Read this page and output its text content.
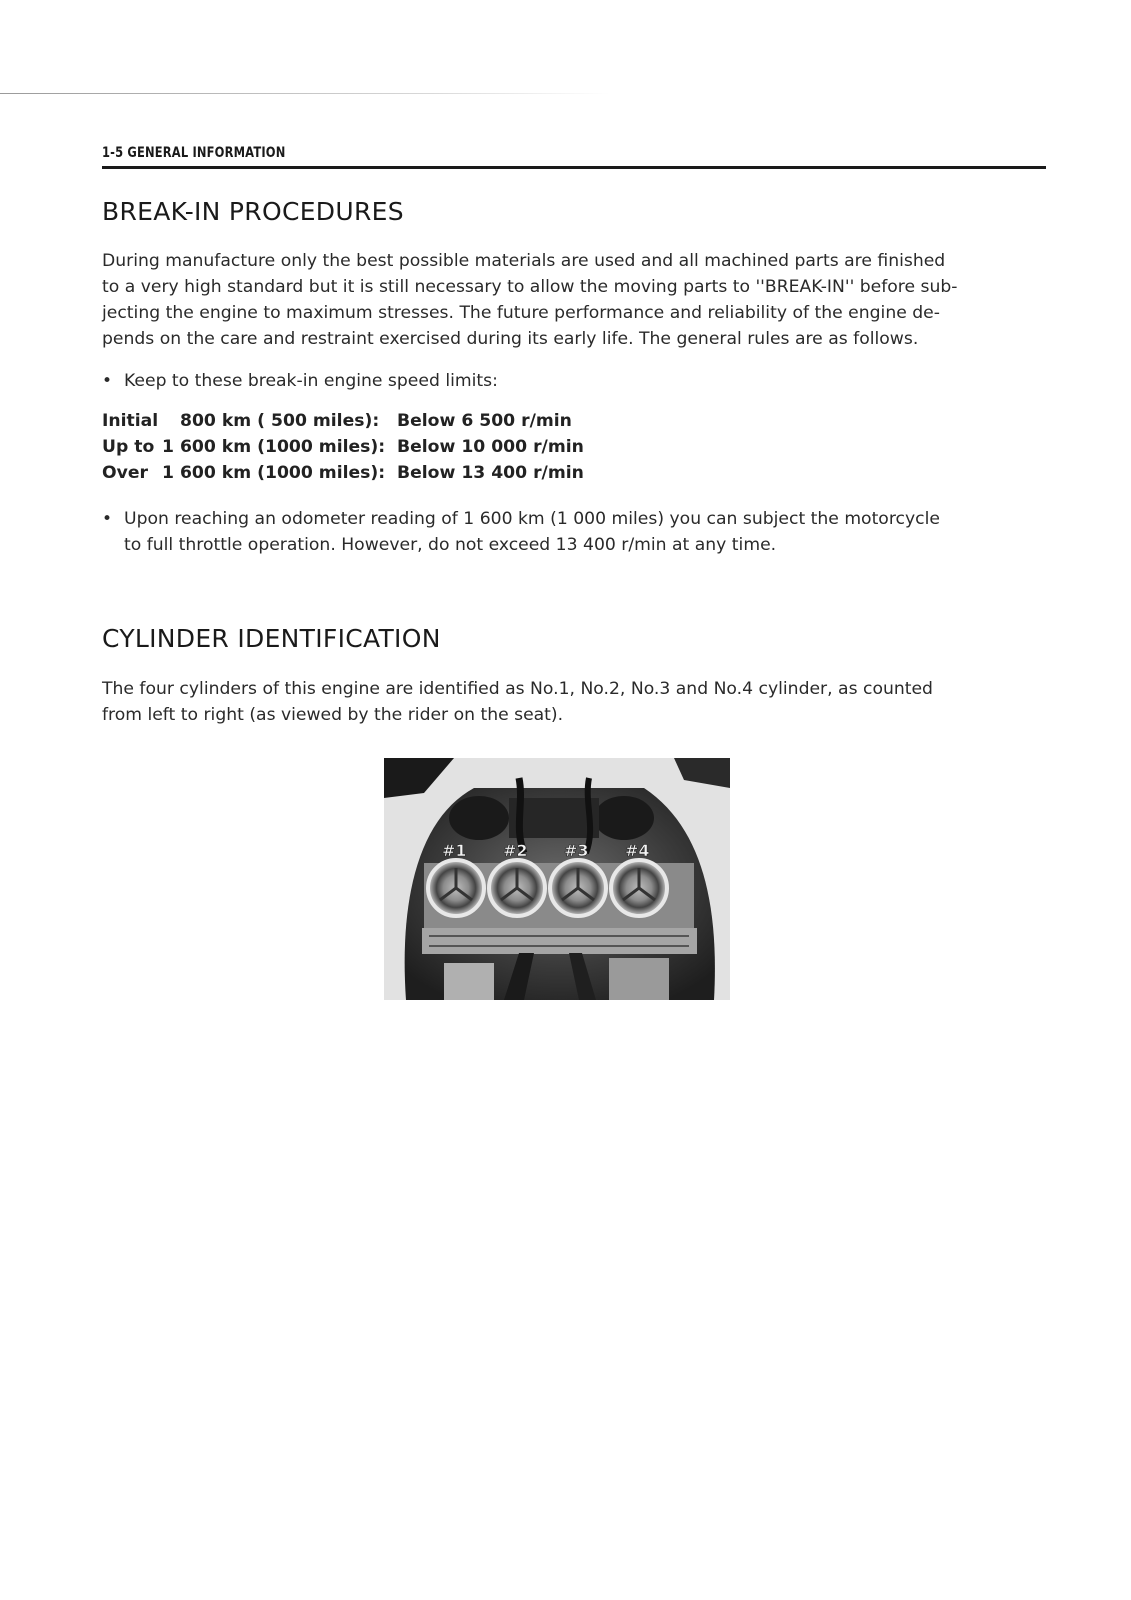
1-5 GENERAL INFORMATION
BREAK-IN PROCEDURES
During manufacture only the best possible materials are used and all machined parts are finished
to a very high standard but it is still necessary to allow the moving parts to ''BREAK-IN'' before sub-
jecting the engine to maximum stresses. The future performance and reliability of the engine de-
pends on the care and restraint exercised during its early life. The general rules are as follows.
• Keep to these break-in engine speed limits:
Initial 800 km ( 500 miles): Below 6 500 r/min
Up to 1 600 km (1000 miles): Below 10 000 r/min
Over 1 600 km (1000 miles): Below 13 400 r/min
• Upon reaching an odometer reading of 1 600 km (1 000 miles) you can subject the motorcycle
to full throttle operation. However, do not exceed 13 400 r/min at any time.
CYLINDER IDENTIFICATION
The four cylinders of this engine are identified as No.1, No.2, No.3 and No.4 cylinder, as counted
from left to right (as viewed by the rider on the seat).
#1 #2 #3 #4
